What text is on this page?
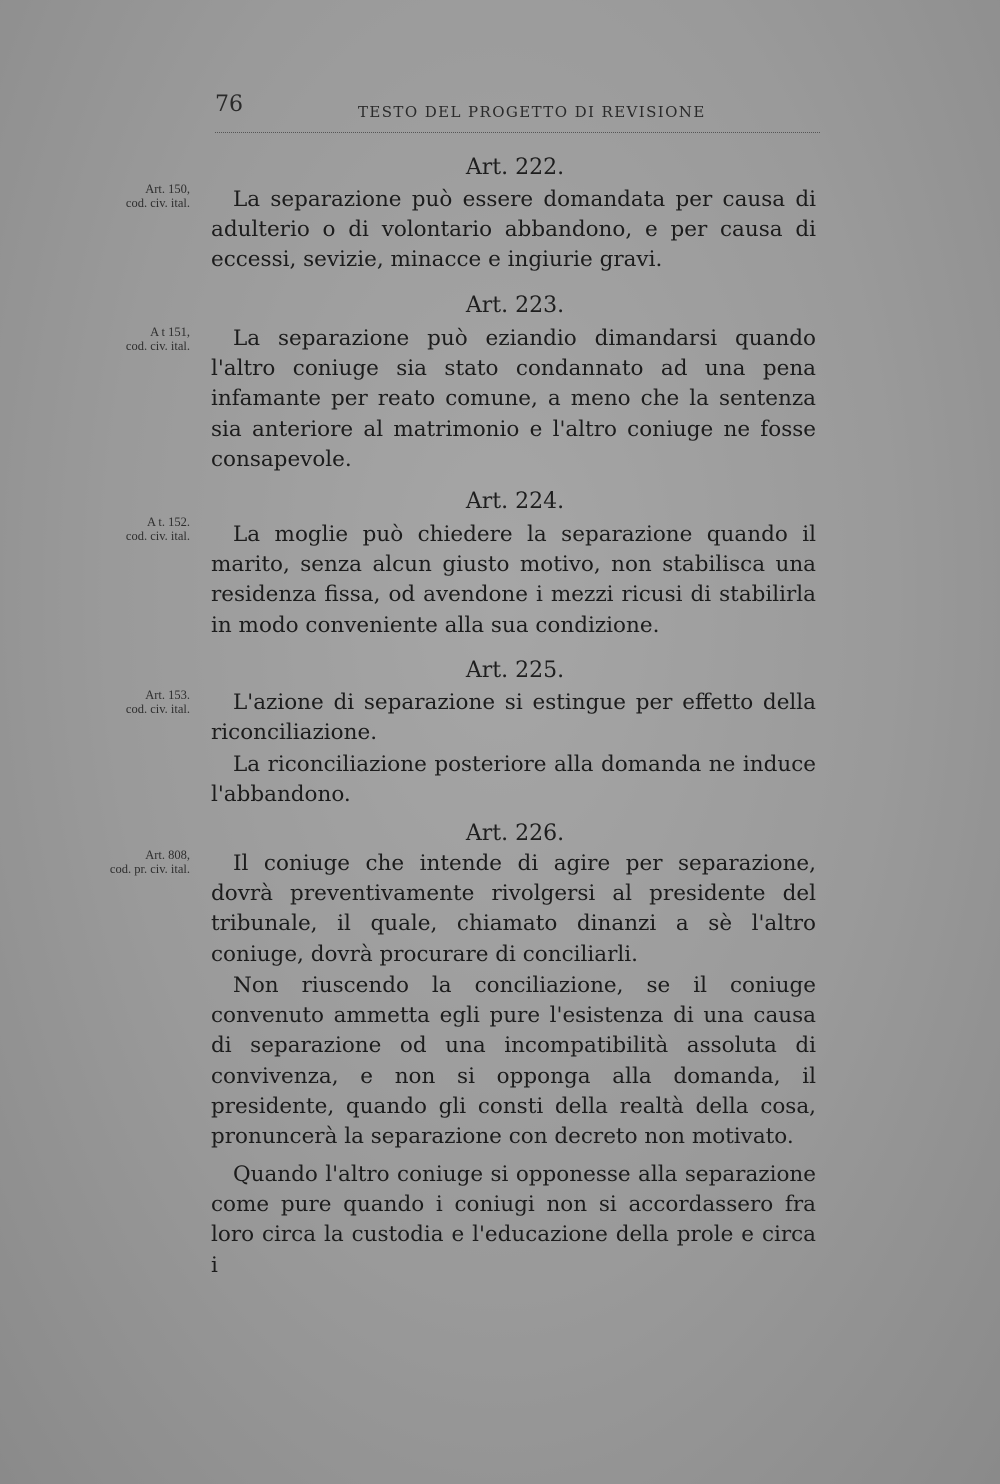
76	TESTO DEL PROGETTO DI REVISIONE
Art. 150,
cod. civ. ital.
Art. 222.

La separazione può essere domandata per causa di adulterio o di volontario abbandono, e per causa di eccessi, sevizie, minacce e ingiurie gravi.

A t 151,
cod. civ. ital.
Art. 223.

La separazione può eziandio dimandarsi quando l'altro coniuge sia stato condannato ad una pena infamante per reato comune, a meno che la sentenza sia anteriore al matrimonio e l'altro coniuge ne fosse consapevole.

A t. 152.
cod. civ. ital.
Art. 224.

La moglie può chiedere la separazione quando il marito, senza alcun giusto motivo, non stabilisca una residenza fissa, od avendone i mezzi ricusi di stabilirla in modo conveniente alla sua condizione.

Art. 153.
cod. civ. ital.
Art. 225.

L'azione di separazione si estingue per effetto della riconciliazione.

La riconciliazione posteriore alla domanda ne induce l'abbandono.

Art. 808,
cod. pr. civ. ital.
Art. 226.

Il coniuge che intende di agire per separazione, dovrà preventivamente rivolgersi al presidente del tribunale, il quale, chiamato dinanzi a sè l'altro coniuge, dovrà procurare di conciliarli.

Non riuscendo la conciliazione, se il coniuge convenuto ammetta egli pure l'esistenza di una causa di separazione od una incompatibilità assoluta di convivenza, e non si opponga alla domanda, il presidente, quando gli consti della realtà della cosa, pronuncerà la separazione con decreto non motivato.

Quando l'altro coniuge si opponesse alla separazione come pure quando i coniugi non si accordassero fra loro circa la custodia e l'educazione della prole e circa i
